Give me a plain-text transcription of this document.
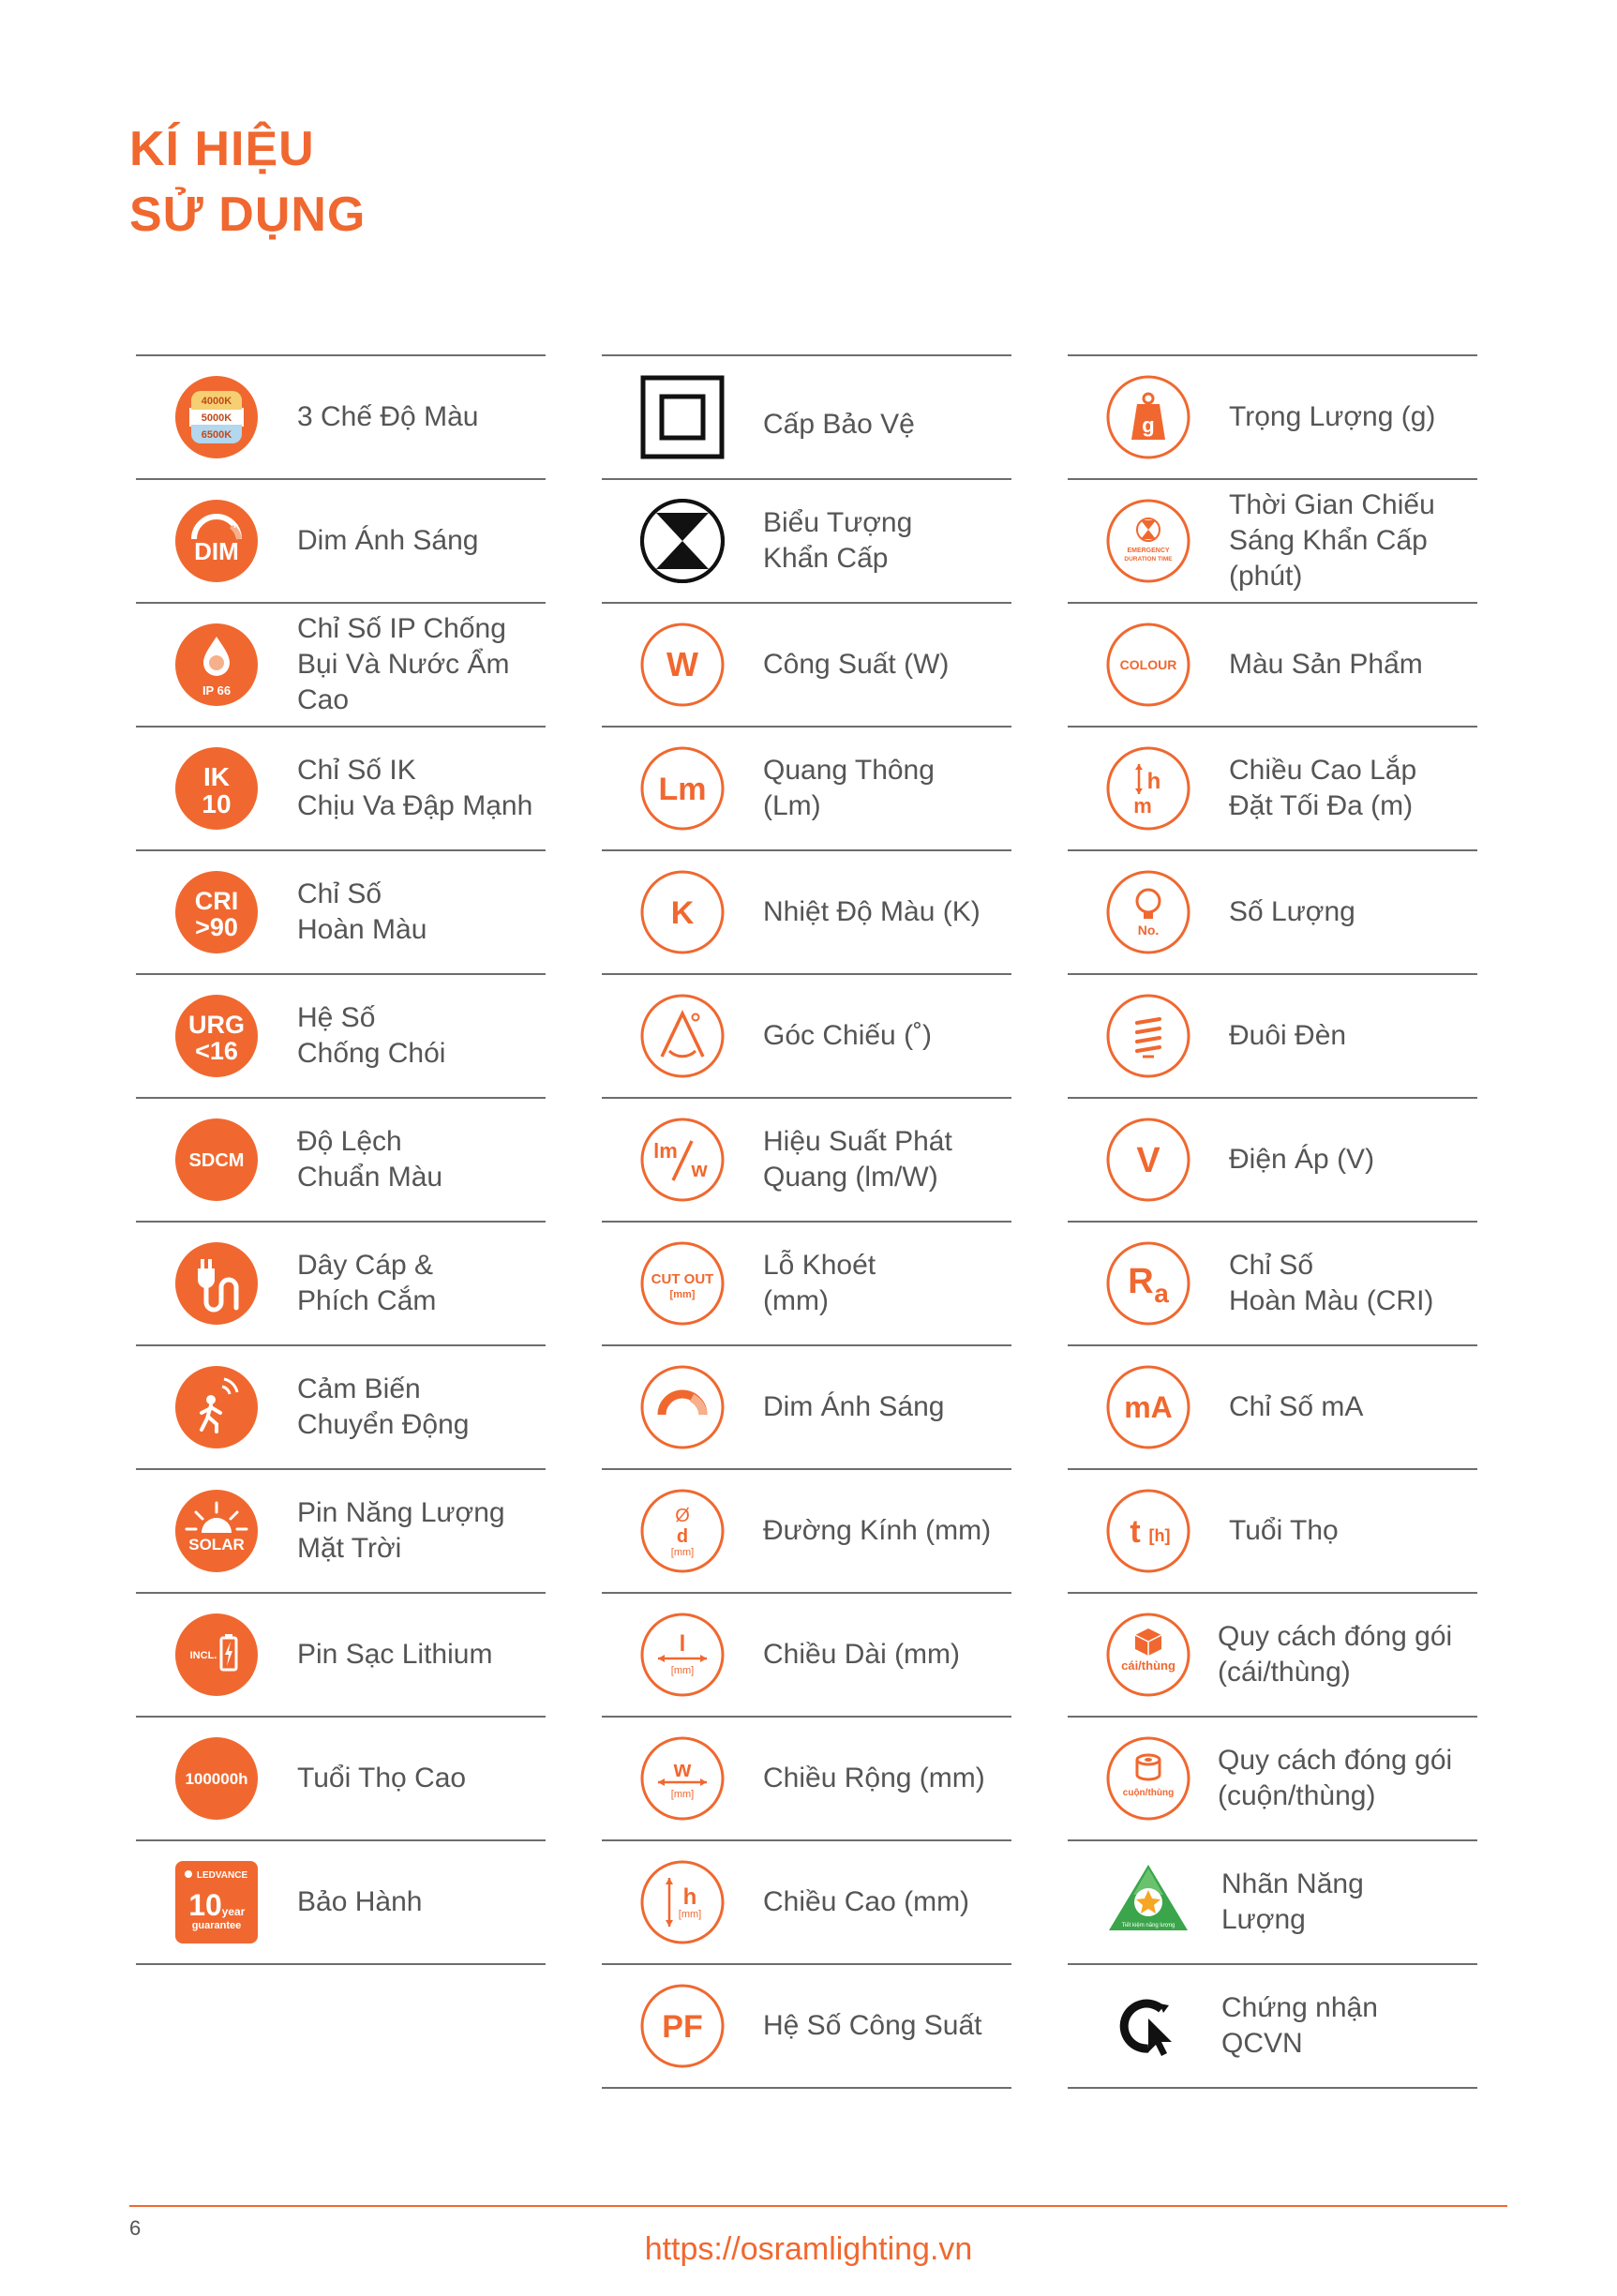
KÍ HIỆU
SỬ DỤNG
4000K
5000K
6500K
3 Chế Độ Màu
+
DIM Dim Ánh Sáng
IP 66
Chỉ Số IP Chống
Bụi Và Nước Ẩm
Cao
IK
10
Chỉ Số IK
Chịu Va Đập Mạnh
CRI
>90
Chỉ Số
Hoàn Màu
URG
<16
Hệ Số
Chống Chói
SDCM
Độ Lệch
Chuẩn Màu
Dây Cáp &
Phích Cắm
Cảm Biến
Chuyển Động
SOLAR
Pin Năng Lượng
Mặt Trời
INCL.	Pin Sạc Lithium
100000h Tuổi Thọ Cao
LEDVANCE
10 year
guarantee
Bảo Hành
Cấp Bảo Vệ
Biểu Tượng
Khẩn Cấp
W Công Suất (W)
Lm
Quang Thông
(Lm)
K Nhiệt Độ Màu (K)
Góc Chiếu (˚)
lm
w
Hiệu Suất Phát
Quang (lm/W)
CUT OUT
[mm]
Lỗ Khoét
(mm)
Dim Ánh Sáng
Ø
d
[mm]
Đường Kính (mm)
l
[mm]
Chiều Dài (mm)
w
[mm]
Chiều Rộng (mm)
h
[mm] Chiều Cao (mm)
PF Hệ Số Công Suất
g	Trọng Lượng (g)
EMERGENCY
DURATION TIME
Thời Gian Chiếu
Sáng Khẩn Cấp
(phút)
COLOUR Màu Sản Phẩm
h
m
Chiều Cao Lắp
Đặt Tối Đa (m)
No.
Số Lượng
Đuôi Đèn
V Điện Áp (V)
R a
Chỉ Số
Hoàn Màu (CRI)
mA Chỉ Số mA
t [h] Tuổi Thọ
cái/thùng
Quy cách đóng gói
(cái/thùng)
cuộn/thùng
Quy cách đóng gói
(cuộn/thùng)
Tiết kiệm năng lượng
Nhãn Năng
Lượng
Chứng nhận
QCVN
6
https://osramlighting.vn
